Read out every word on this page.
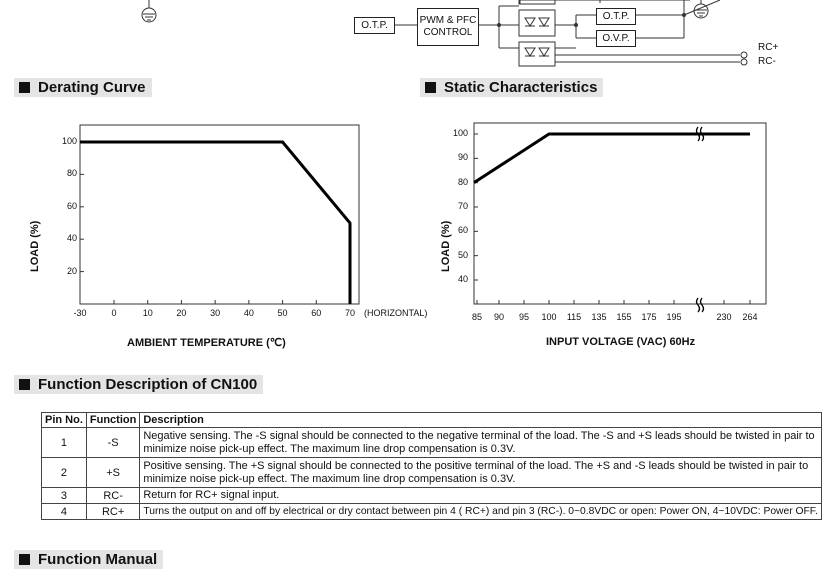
O.T.P.	PWM & PFC
CONTROL
O.T.P.
O.V.P.
RC+
RC-
Derating Curve	Static Characteristics
Function Description of CN100
Function Manual
-30	0	10	20	30	40	50	60	70
20
40
60
80
100
(HORIZONTAL)
AMBIENT TEMPERATURE (℃)
LOAD (%)
85	90	95	100	115	135	155	175	195	230	264
40
50
60
70
80
90
100
INPUT VOLTAGE (VAC) 60Hz
LOAD (%)
Pin No.	Function	Description
1	-S	Negative sensing. The -S signal should be connected to the negative terminal of the load. The -S and +S leads should be twisted in pair to minimize noise pick-up effect. The maximum line drop compensation is 0.3V.
2	+S	Positive sensing. The +S signal should be connected to the positive terminal of the load. The +S and -S leads should be twisted in pair to minimize noise pick-up effect. The maximum line drop compensation is 0.3V.
3	RC-	Return for RC+ signal input.
4	RC+	Turns the output on and off by electrical or dry contact between pin 4 ( RC+) and pin 3 (RC-). 0~0.8VDC or open: Power ON, 4~10VDC: Power OFF.
